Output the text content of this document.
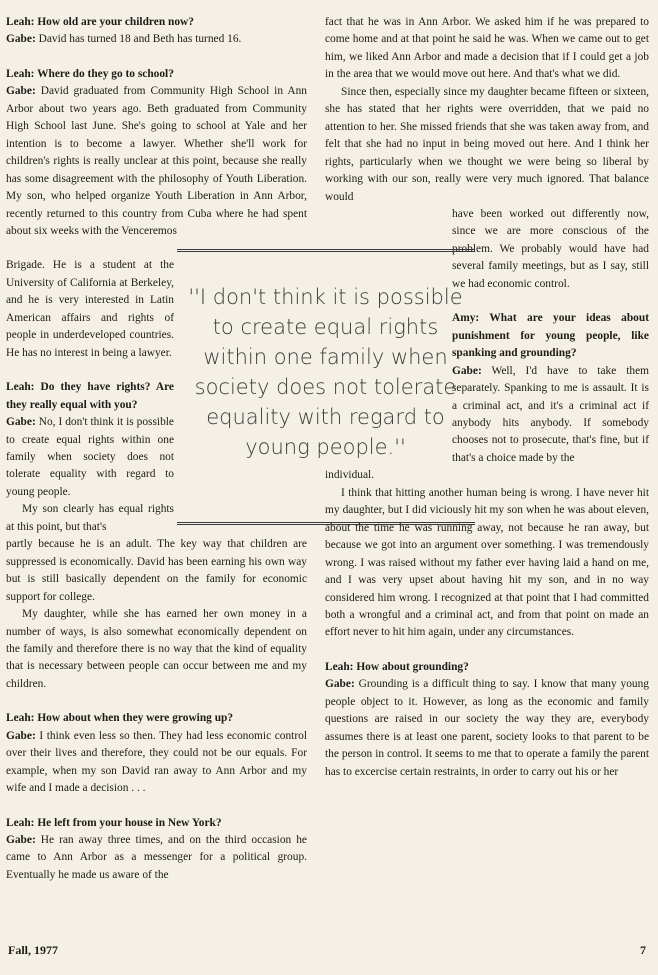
Leah: How old are your children now?

Gabe: David has turned 18 and Beth has turned 16.

Leah: Where do they go to school?

Gabe: David graduated from Community High School in Ann Arbor about two years ago. Beth graduated from Community High School last June. She's going to school at Yale and her intention is to become a lawyer. Whether she'll work for children's rights is really unclear at this point, because she really has some disagreement with the philosophy of Youth Liberation. My son, who helped organize Youth Liberation in Ann Arbor, recently returned to this country from Cuba where he had spent about six weeks with the Venceremos

Brigade. He is a student at the University of California at Berkeley, and he is very interested in Latin American affairs and rights of people in underdeveloped countries. He has no interest in being a lawyer.

Leah: Do they have rights? Are they really equal with you?

Gabe: No, I don't think it is possible to create equal rights within one family when society does not tolerate equality with regard to young people.

My son clearly has equal rights at this point, but that's

partly because he is an adult. The key way that children are suppressed is economically. David has been earning his own way but is still basically dependent on the family for economic support for college.

My daughter, while she has earned her own money in a number of ways, is also somewhat economically dependent on the family and therefore there is no way that the kind of equality that is necessary between people can occur between me and my children.

Leah: How about when they were growing up?

Gabe: I think even less so then. They had less economic control over their lives and therefore, they could not be our equals. For example, when my son David ran away to Ann Arbor and my wife and I made a decision . . .

Leah: He left from your house in New York?

Gabe: He ran away three times, and on the third occasion he came to Ann Arbor as a messenger for a political group. Eventually he made us aware of the

fact that he was in Ann Arbor. We asked him if he was prepared to come home and at that point he said he was. When we came out to get him, we liked Ann Arbor and made a decision that if I could get a job in the area that we would move out here. And that's what we did.

Since then, especially since my daughter became fifteen or sixteen, she has stated that her rights were overridden, that we paid no attention to her. She missed friends that she was taken away from, and felt that she had no input in being moved out here. And I think her rights, particularly when we thought we were being so liberal by working with our son, really were very much ignored. That balance would

have been worked out differently now, since we are more conscious of the problem. We probably would have had several family meetings, but as I say, still we had economic control.

Amy: What are your ideas about punishment for young people, like spanking and grounding?

Gabe: Well, I'd have to take them separately. Spanking to me is assault. It is a criminal act, and it's a criminal act if anybody hits anybody. If somebody chooses not to prosecute, that's fine, but if that's a choice made by the

individual.

I think that hitting another human being is wrong. I have never hit my daughter, but I did viciously hit my son when he was about eleven, about the time he was running away, not because he ran away, but because we got into an argument over something. I was tremendously wrong. I was raised without my father ever having laid a hand on me, and I was very upset about having hit my son, and in no way considered him wrong. I recognized at that point that I had committed both a wrongful and a criminal act, and from that point on made an effort never to hit him again, under any circumstances.

Leah: How about grounding?

Gabe: Grounding is a difficult thing to say. I know that many young people object to it. However, as long as the economic and family questions are raised in our society the way they are, everybody assumes there is at least one parent, society looks to that parent to be the person in control. It seems to me that to operate a family the parent has to excercise certain restraints, in order to carry out his or her

''I don't think it is possible to create equal rights within one family when society does not tolerate equality with regard to young people.''
Fall, 1977	7
